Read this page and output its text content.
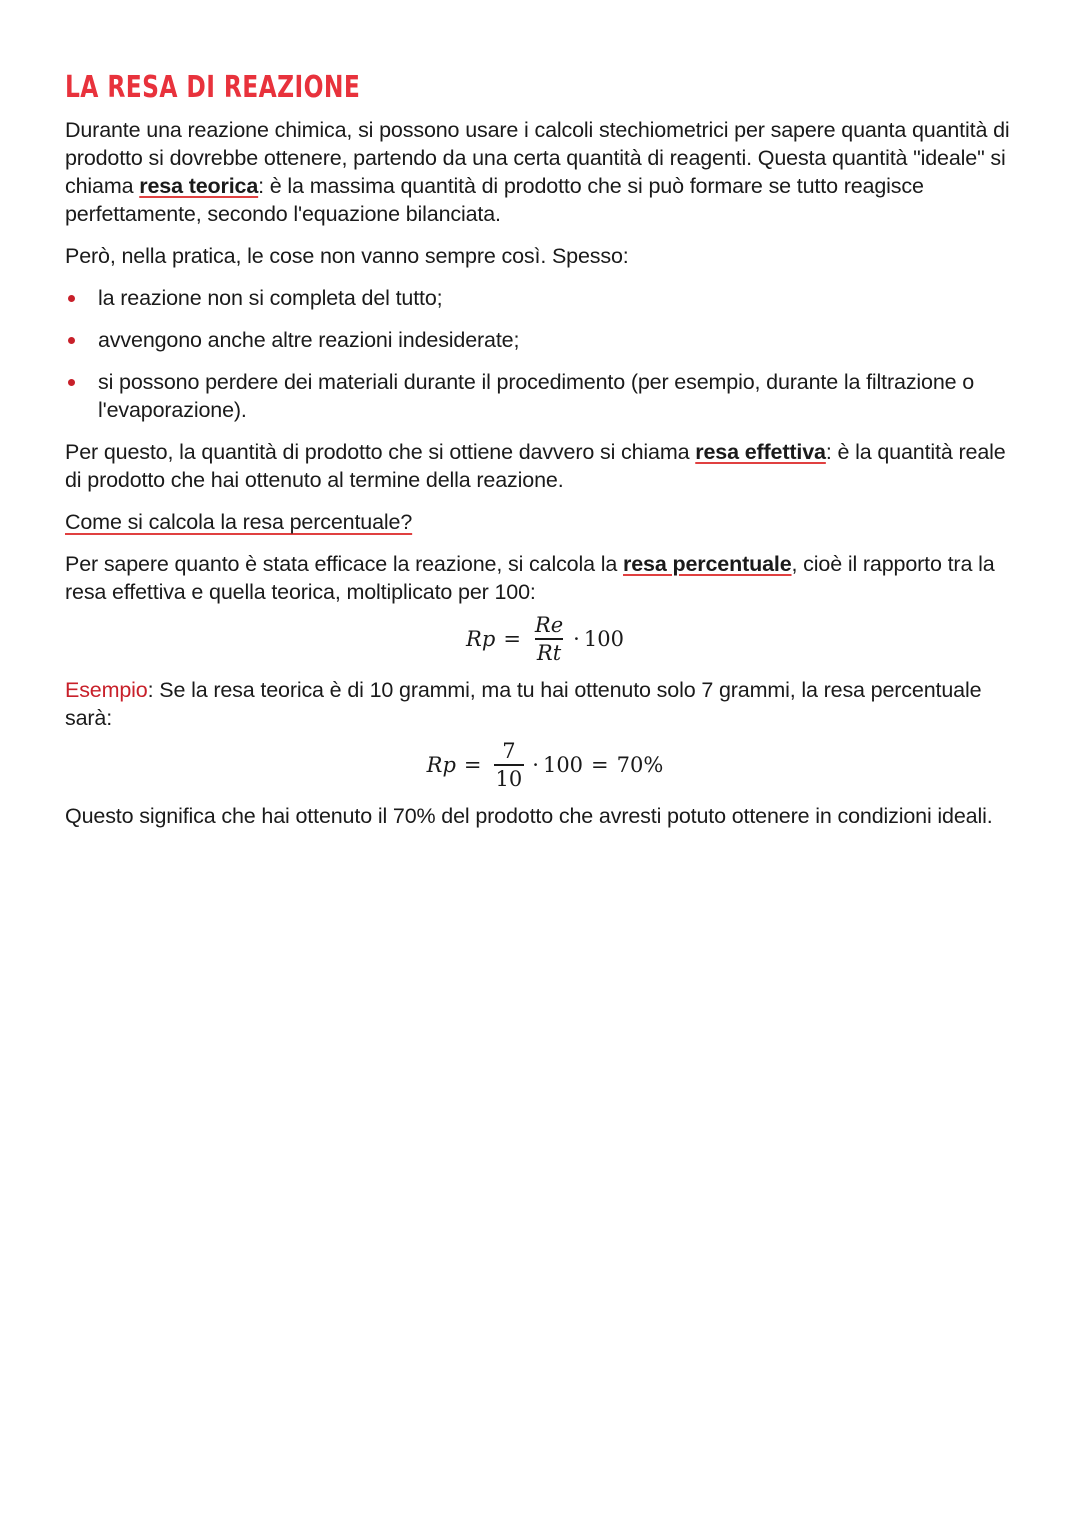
LA RESA DI REAZIONE

Durante una reazione chimica, si possono usare i calcoli stechiometrici per sapere quanta quantità di prodotto si dovrebbe ottenere, partendo da una certa quantità di reagenti. Questa quantità "ideale" si chiama resa teorica: è la massima quantità di prodotto che si può formare se tutto reagisce perfettamente, secondo l'equazione bilanciata.

Però, nella pratica, le cose non vanno sempre così. Spesso:

la reazione non si completa del tutto;
avvengono anche altre reazioni indesiderate;
si possono perdere dei materiali durante il procedimento (per esempio, durante la filtrazione o l'evaporazione).

Per questo, la quantità di prodotto che si ottiene davvero si chiama resa effettiva: è la quantità reale di prodotto che hai ottenuto al termine della reazione.

Come si calcola la resa percentuale?

Per sapere quanto è stata efficace la reazione, si calcola la resa percentuale, cioè il rapporto tra la resa effettiva e quella teorica, moltiplicato per 100:

$Rp = \frac{Re}{Rt} \cdot 100$

Esempio: Se la resa teorica è di 10 grammi, ma tu hai ottenuto solo 7 grammi, la resa percentuale sarà:

$Rp = \frac{7}{10} \cdot 100 = 70\%$

Questo significa che hai ottenuto il 70% del prodotto che avresti potuto ottenere in condizioni ideali.
